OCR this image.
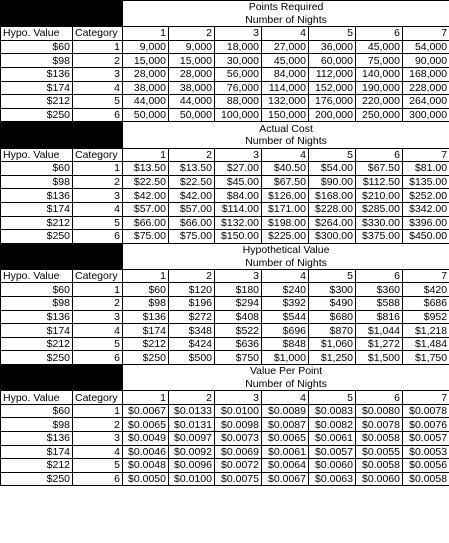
		Points Required						
		Number of Nights						
Hypo. Value	Category	1	2	3	4	5	6	7
$60	1	9,000	9,000	18,000	27,000	36,000	45,000	54,000
$98	2	15,000	15,000	30,000	45,000	60,000	75,000	90,000
$136	3	28,000	28,000	56,000	84,000	112,000	140,000	168,000
$174	4	38,000	38,000	76,000	114,000	152,000	190,000	228,000
$212	5	44,000	44,000	88,000	132,000	176,000	220,000	264,000
$250	6	50,000	50,000	100,000	150,000	200,000	250,000	300,000
		Actual Cost						
		Number of Nights						
Hypo. Value	Category	1	2	3	4	5	6	7
$60	1	$13.50	$13.50	$27.00	$40.50	$54.00	$67.50	$81.00
$98	2	$22.50	$22.50	$45.00	$67.50	$90.00	$112.50	$135.00
$136	3	$42.00	$42.00	$84.00	$126.00	$168.00	$210.00	$252.00
$174	4	$57.00	$57.00	$114.00	$171.00	$228.00	$285.00	$342.00
$212	5	$66.00	$66.00	$132.00	$198.00	$264.00	$330.00	$396.00
$250	6	$75.00	$75.00	$150.00	$225.00	$300.00	$375.00	$450.00
		Hypothetical Value						
		Number of Nights						
Hypo. Value	Category	1	2	3	4	5	6	7
$60	1	$60	$120	$180	$240	$300	$360	$420
$98	2	$98	$196	$294	$392	$490	$588	$686
$136	3	$136	$272	$408	$544	$680	$816	$952
$174	4	$174	$348	$522	$696	$870	$1,044	$1,218
$212	5	$212	$424	$636	$848	$1,060	$1,272	$1,484
$250	6	$250	$500	$750	$1,000	$1,250	$1,500	$1,750
		Value Per Point						
		Number of Nights						
Hypo. Value	Category	1	2	3	4	5	6	7
$60	1	$0.0067	$0.0133	$0.0100	$0.0089	$0.0083	$0.0080	$0.0078
$98	2	$0.0065	$0.0131	$0.0098	$0.0087	$0.0082	$0.0078	$0.0076
$136	3	$0.0049	$0.0097	$0.0073	$0.0065	$0.0061	$0.0058	$0.0057
$174	4	$0.0046	$0.0092	$0.0069	$0.0061	$0.0057	$0.0055	$0.0053
$212	5	$0.0048	$0.0096	$0.0072	$0.0064	$0.0060	$0.0058	$0.0056
$250	6	$0.0050	$0.0100	$0.0075	$0.0067	$0.0063	$0.0060	$0.0058
